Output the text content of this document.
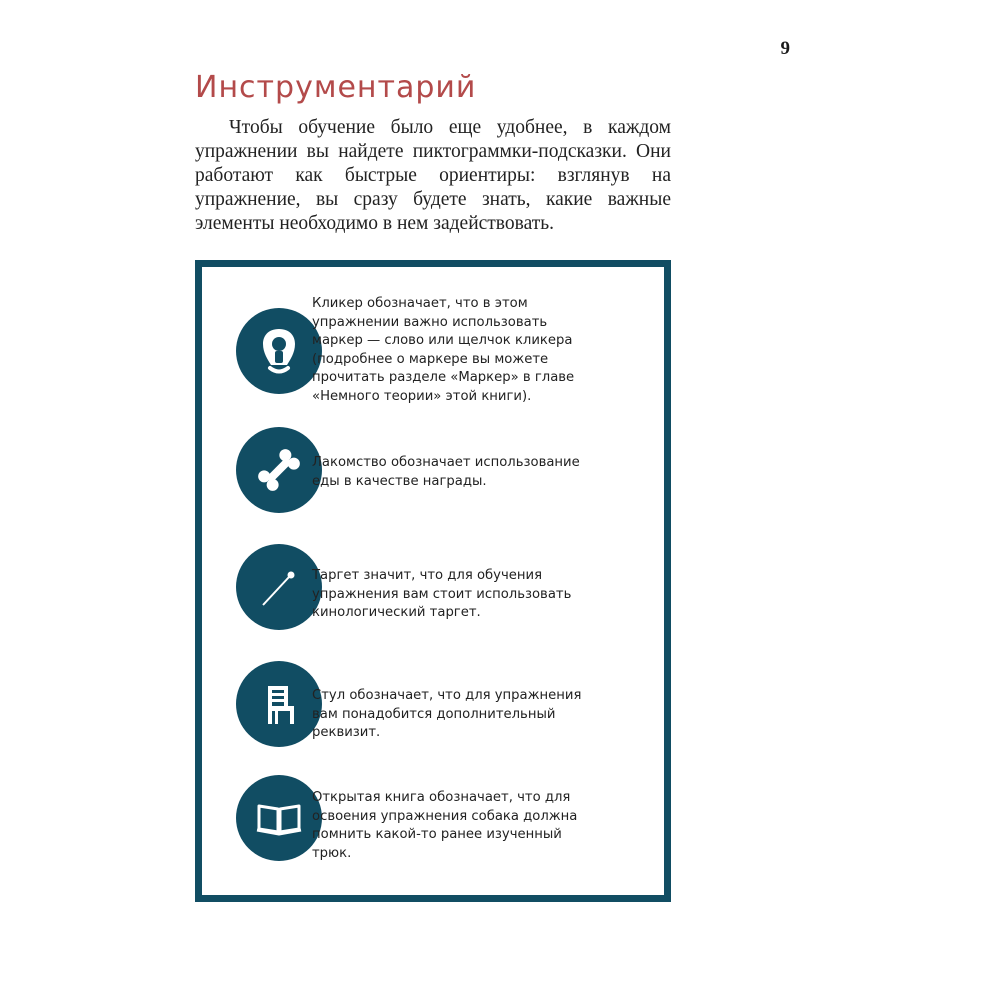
9
Инструментарий

Чтобы обучение было еще удобнее, в каждом упражнении вы найдете пиктограммки-подсказки. Они работают как быстрые ориентиры: взглянув на упражнение, вы сразу будете знать, какие важные элементы необходимо в нем задействовать.

Кликер обозначает, что в этом упражнении важно использовать маркер — слово или щелчок кликера (подробнее о маркере вы можете прочитать разделе «Маркер» в главе «Немного теории» этой книги).

Лакомство обозначает использование еды в качестве награды.

Таргет значит, что для обучения упражнения вам стоит использовать кинологический таргет.

Стул обозначает, что для упражнения вам понадобится дополнительный реквизит.

Открытая книга обозначает, что для освоения упражнения собака должна помнить какой-то ранее изученный трюк.
